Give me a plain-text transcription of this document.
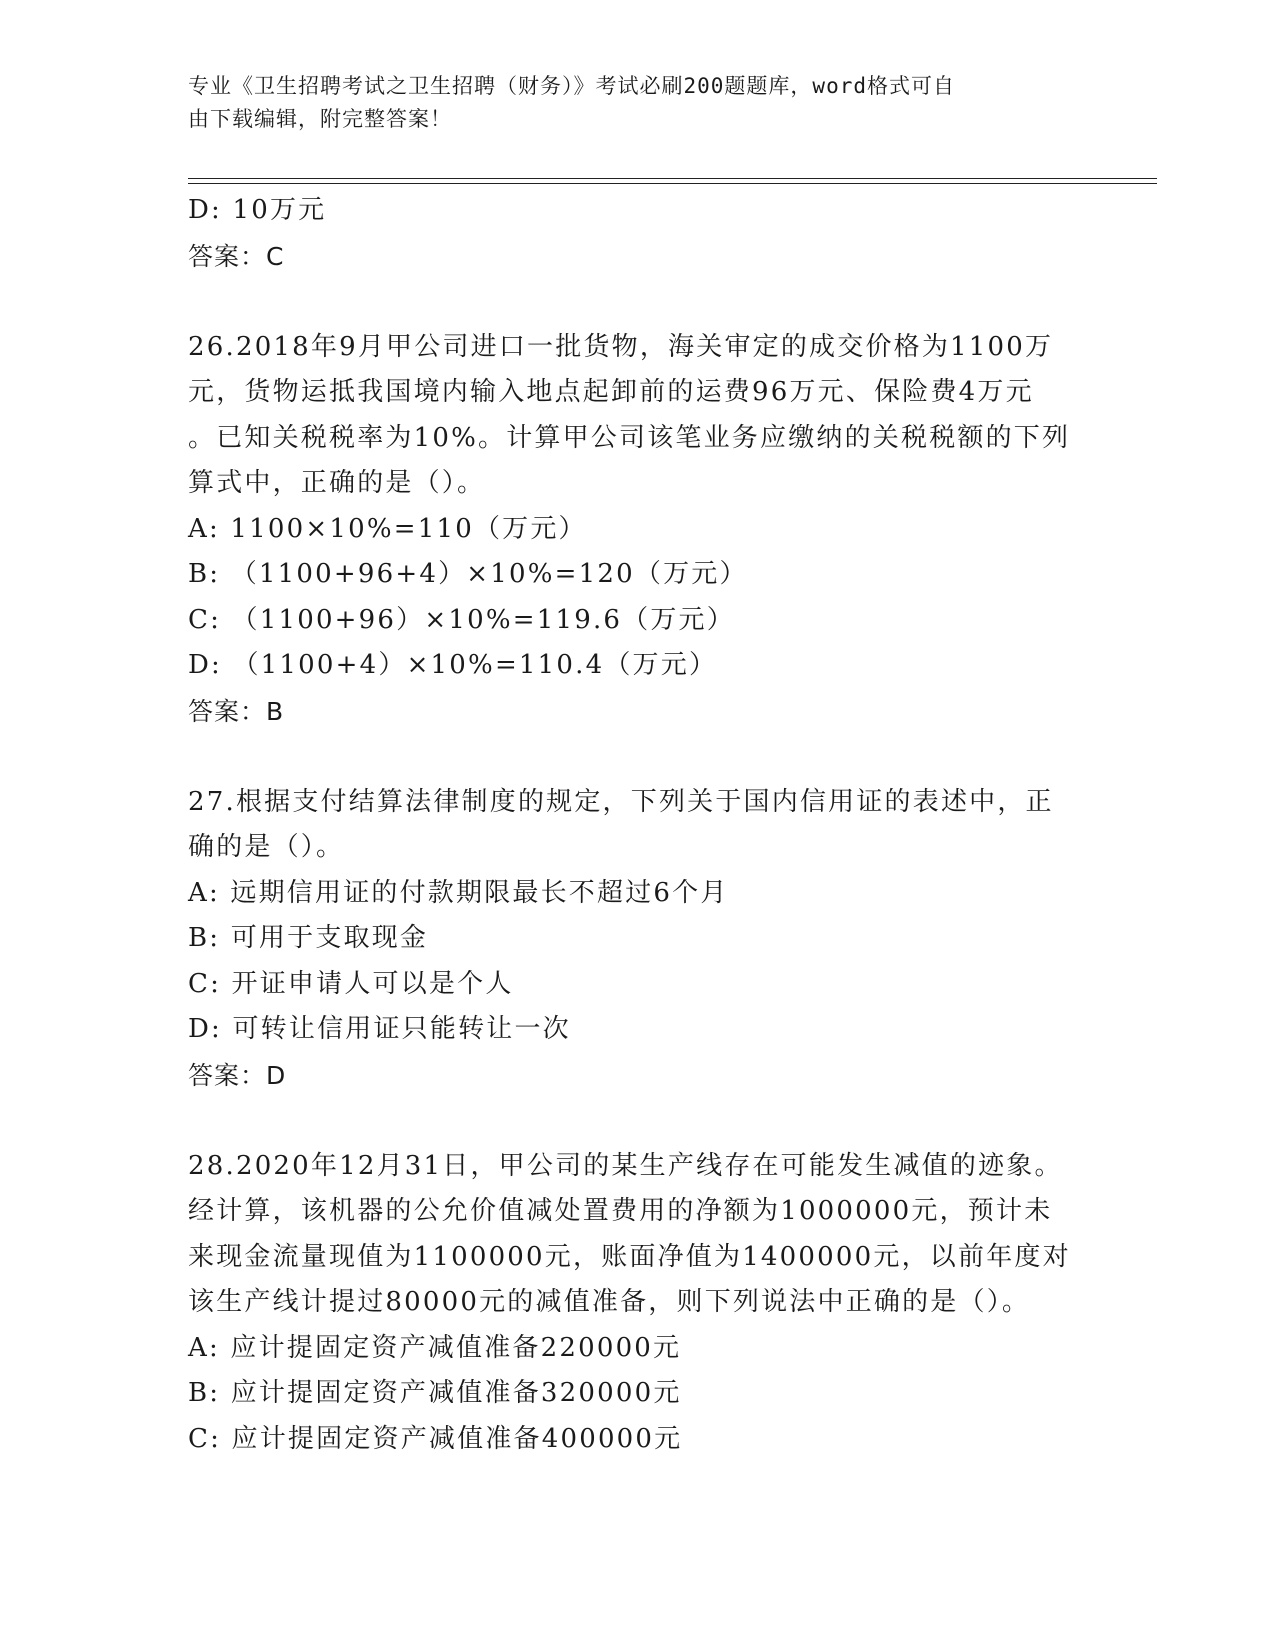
专业《卫生招聘考试之卫生招聘（财务）》考试必刷200题题库，word格式可自
由下载编辑，附完整答案！
D: 10万元
答案：C
26.2018年9月甲公司进口一批货物，海关审定的成交价格为1100万
元，货物运抵我国境内输入地点起卸前的运费96万元、保险费4万元
。已知关税税率为10%。计算甲公司该笔业务应缴纳的关税税额的下列
算式中，正确的是（）。
A: 1100×10%=110（万元）
B: （1100+96+4）×10%=120（万元）
C: （1100+96）×10%=119.6（万元）
D: （1100+4）×10%=110.4（万元）
答案：B
27.根据支付结算法律制度的规定，下列关于国内信用证的表述中，正
确的是（）。
A: 远期信用证的付款期限最长不超过6个月
B: 可用于支取现金
C: 开证申请人可以是个人
D: 可转让信用证只能转让一次
答案：D
28.2020年12月31日，甲公司的某生产线存在可能发生减值的迹象。
经计算，该机器的公允价值减处置费用的净额为1000000元，预计未
来现金流量现值为1100000元，账面净值为1400000元，以前年度对
该生产线计提过80000元的减值准备，则下列说法中正确的是（）。
A: 应计提固定资产减值准备220000元
B: 应计提固定资产减值准备320000元
C: 应计提固定资产减值准备400000元
